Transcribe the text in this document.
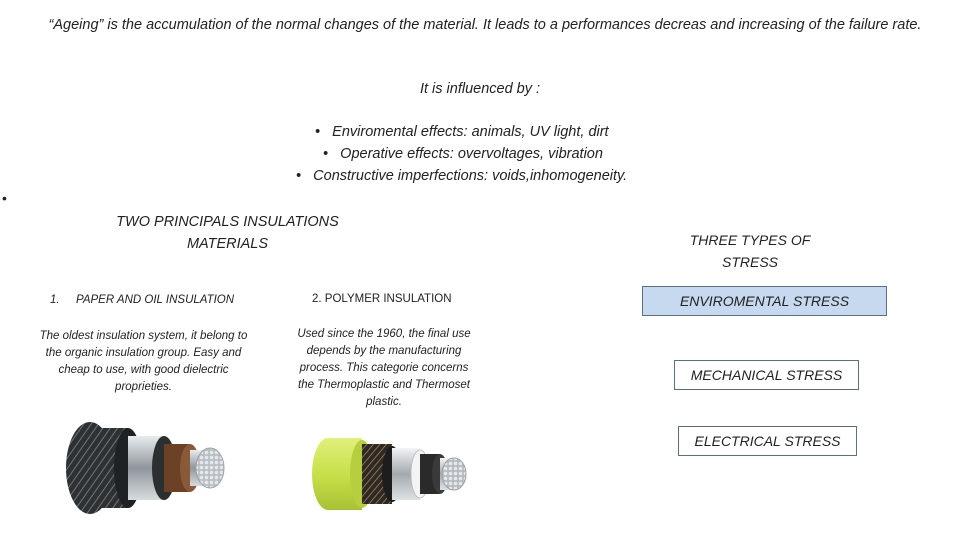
“Ageing” is the accumulation of the normal changes of the material. It leads to a performances decreas and increasing of the failure rate.
It is influenced by :
• Enviromental effects: animals, UV light, dirt
• Operative effects: overvoltages, vibration
• Constructive imperfections: voids,inhomogeneity.
•
TWO PRINCIPALS INSULATIONS MATERIALS
1. PAPER AND OIL INSULATION	2. POLYMER INSULATION
The oldest insulation system, it belong to the organic insulation group. Easy and cheap to use, with good dielectric proprieties.
Used since the 1960, the final use depends by the manufacturing process. This categorie concerns the Thermoplastic and Thermoset plastic.
THREE TYPES OF STRESS
ENVIROMENTAL STRESS
MECHANICAL STRESS
ELECTRICAL STRESS
